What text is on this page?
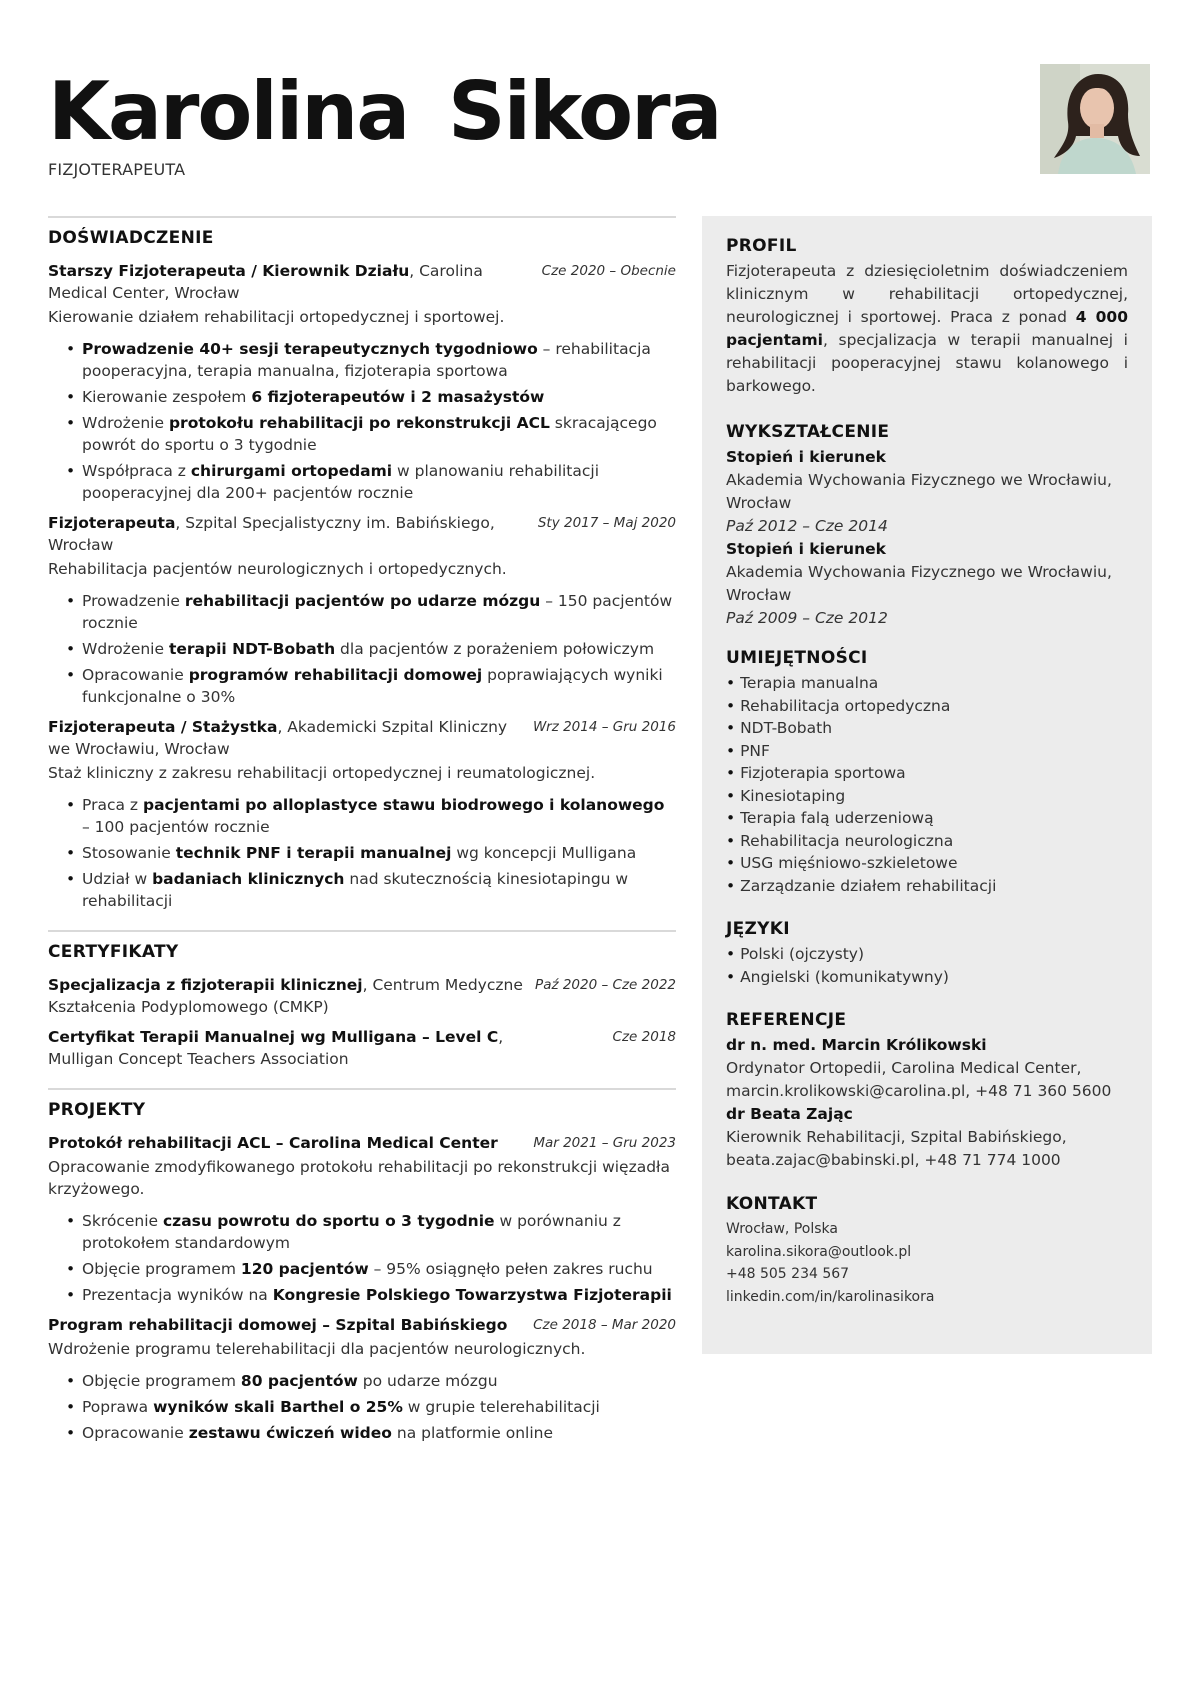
Karolina Sikora
FIZJOTERAPEUTA
DOŚWIADCZENIE
Starszy Fizjoterapeuta / Kierownik Działu, Carolina Medical Center, Wrocław
Cze 2020 – Obecnie
Kierowanie działem rehabilitacji ortopedycznej i sportowej.
• Prowadzenie 40+ sesji terapeutycznych tygodniowo – rehabilitacja pooperacyjna, terapia manualna, fizjoterapia sportowa
• Kierowanie zespołem 6 fizjoterapeutów i 2 masażystów
• Wdrożenie protokołu rehabilitacji po rekonstrukcji ACL skracającego powrót do sportu o 3 tygodnie
• Współpraca z chirurgami ortopedami w planowaniu rehabilitacji pooperacyjnej dla 200+ pacjentów rocznie
Fizjoterapeuta, Szpital Specjalistyczny im. Babińskiego, Wrocław
Sty 2017 – Maj 2020
Rehabilitacja pacjentów neurologicznych i ortopedycznych.
• Prowadzenie rehabilitacji pacjentów po udarze mózgu – 150 pacjentów rocznie
• Wdrożenie terapii NDT-Bobath dla pacjentów z porażeniem połowiczym
• Opracowanie programów rehabilitacji domowej poprawiających wyniki funkcjonalne o 30%
Fizjoterapeuta / Stażystka, Akademicki Szpital Kliniczny we Wrocławiu, Wrocław
Wrz 2014 – Gru 2016
Staż kliniczny z zakresu rehabilitacji ortopedycznej i reumatologicznej.
• Praca z pacjentami po alloplastyce stawu biodrowego i kolanowego – 100 pacjentów rocznie
• Stosowanie technik PNF i terapii manualnej wg koncepcji Mulligana
• Udział w badaniach klinicznych nad skutecznością kinesiotapingu w rehabilitacji
CERTYFIKATY
Specjalizacja z fizjoterapii klinicznej, Centrum Medyczne Kształcenia Podyplomowego (CMKP)
Paź 2020 – Cze 2022
Certyfikat Terapii Manualnej wg Mulligana – Level C, Mulligan Concept Teachers Association
Cze 2018
PROJEKTY
Protokół rehabilitacji ACL – Carolina Medical Center	Mar 2021 – Gru 2023
Opracowanie zmodyfikowanego protokołu rehabilitacji po rekonstrukcji więzadła krzyżowego.
• Skrócenie czasu powrotu do sportu o 3 tygodnie w porównaniu z protokołem standardowym
• Objęcie programem 120 pacjentów – 95% osiągnęło pełen zakres ruchu
• Prezentacja wyników na Kongresie Polskiego Towarzystwa Fizjoterapii
Program rehabilitacji domowej – Szpital Babińskiego	Cze 2018 – Mar 2020
Wdrożenie programu telerehabilitacji dla pacjentów neurologicznych.
• Objęcie programem 80 pacjentów po udarze mózgu
• Poprawa wyników skali Barthel o 25% w grupie telerehabilitacji
• Opracowanie zestawu ćwiczeń wideo na platformie online
PROFIL
Fizjoterapeuta z dziesięcioletnim doświadczeniem klinicznym w rehabilitacji ortopedycznej, neurologicznej i sportowej. Praca z ponad 4 000 pacjentami, specjalizacja w terapii manualnej i rehabilitacji pooperacyjnej stawu kolanowego i barkowego.
WYKSZTAŁCENIE
Stopień i kierunek
Akademia Wychowania Fizycznego we Wrocławiu, Wrocław
Paź 2012 – Cze 2014
Stopień i kierunek
Akademia Wychowania Fizycznego we Wrocławiu, Wrocław
Paź 2009 – Cze 2012
UMIEJĘTNOŚCI
• Terapia manualna
• Rehabilitacja ortopedyczna
• NDT-Bobath
• PNF
• Fizjoterapia sportowa
• Kinesiotaping
• Terapia falą uderzeniową
• Rehabilitacja neurologiczna
• USG mięśniowo-szkieletowe
• Zarządzanie działem rehabilitacji
JĘZYKI
• Polski (ojczysty)
• Angielski (komunikatywny)
REFERENCJE
dr n. med. Marcin Królikowski
Ordynator Ortopedii, Carolina Medical Center, marcin.krolikowski@carolina.pl, +48 71 360 5600
dr Beata Zając
Kierownik Rehabilitacji, Szpital Babińskiego, beata.zajac@babinski.pl, +48 71 774 1000
KONTAKT
Wrocław, Polska
karolina.sikora@outlook.pl
+48 505 234 567
linkedin.com/in/karolinasikora
